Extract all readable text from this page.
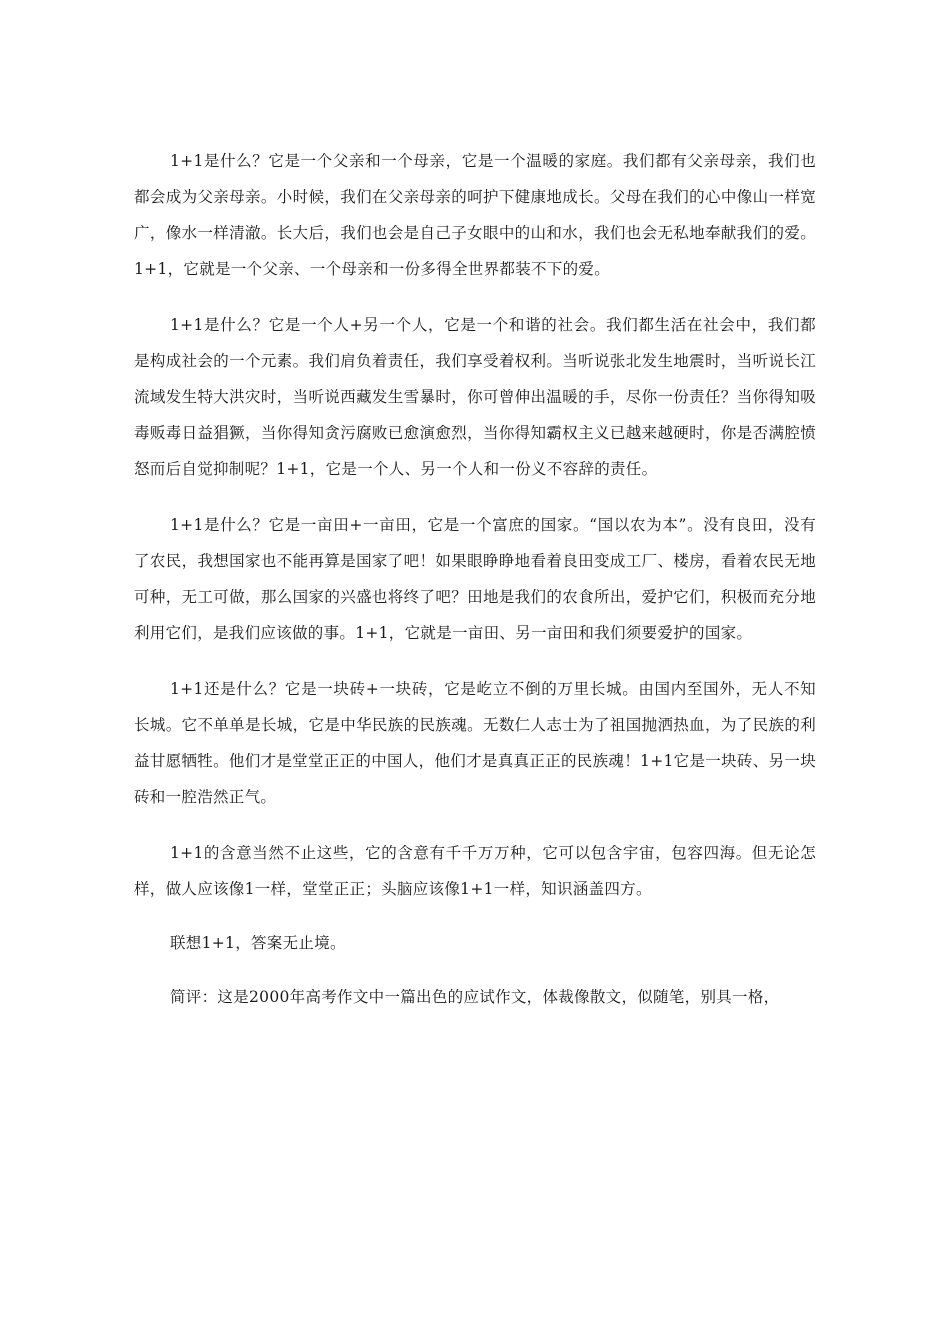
1+1是什么？它是一个父亲和一个母亲，它是一个温暖的家庭。我们都有父亲母亲，我们也都会成为父亲母亲。小时候，我们在父亲母亲的呵护下健康地成长。父母在我们的心中像山一样宽广，像水一样清澈。长大后，我们也会是自己子女眼中的山和水，我们也会无私地奉献我们的爱。1+1，它就是一个父亲、一个母亲和一份多得全世界都装不下的爱。

1+1是什么？它是一个人+另一个人，它是一个和谐的社会。我们都生活在社会中，我们都是构成社会的一个元素。我们肩负着责任，我们享受着权利。当听说张北发生地震时，当听说长江流域发生特大洪灾时，当听说西藏发生雪暴时，你可曾伸出温暖的手，尽你一份责任？当你得知吸毒贩毒日益猖獗，当你得知贪污腐败已愈演愈烈，当你得知霸权主义已越来越硬时，你是否满腔愤怒而后自觉抑制呢？1+1，它是一个人、另一个人和一份义不容辞的责任。

1+1是什么？它是一亩田+一亩田，它是一个富庶的国家。“国以农为本”。没有良田，没有了农民，我想国家也不能再算是国家了吧！如果眼睁睁地看着良田变成工厂、楼房，看着农民无地可种，无工可做，那么国家的兴盛也将终了吧？田地是我们的农食所出，爱护它们，积极而充分地利用它们，是我们应该做的事。1+1，它就是一亩田、另一亩田和我们须要爱护的国家。

1+1还是什么？它是一块砖+一块砖，它是屹立不倒的万里长城。由国内至国外，无人不知长城。它不单单是长城，它是中华民族的民族魂。无数仁人志士为了祖国抛洒热血，为了民族的利益甘愿牺牲。他们才是堂堂正正的中国人，他们才是真真正正的民族魂！1+1它是一块砖、另一块砖和一腔浩然正气。

1+1的含意当然不止这些，它的含意有千千万万种，它可以包含宇宙，包容四海。但无论怎样，做人应该像1一样，堂堂正正；头脑应该像1+1一样，知识涵盖四方。

联想1+1，答案无止境。

简评：这是2000年高考作文中一篇出色的应试作文，体裁像散文，似随笔，别具一格，
